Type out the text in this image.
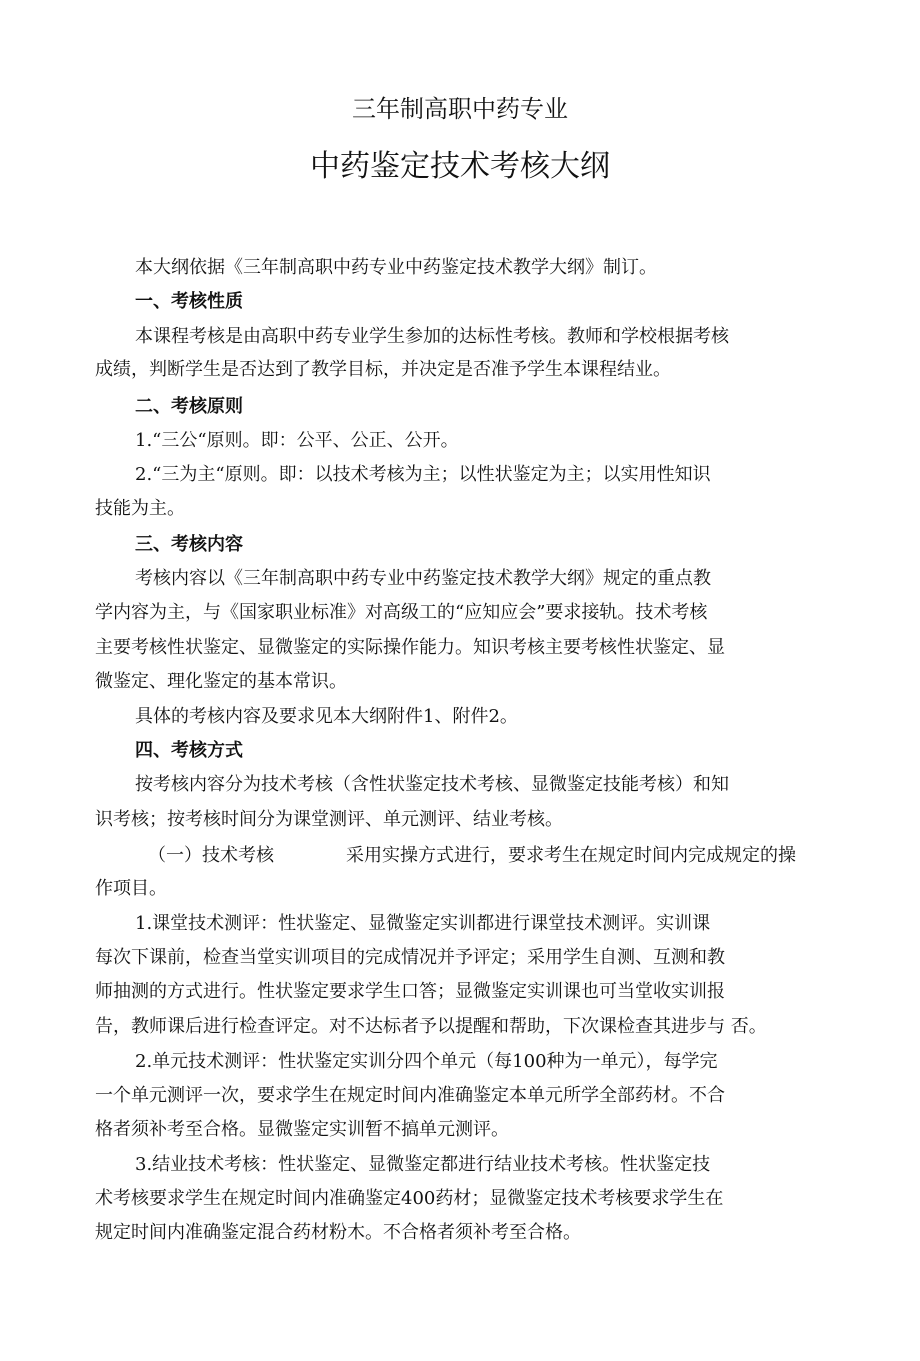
三年制高职中药专业
中药鉴定技术考核大纲
本大纲依据《三年制高职中药专业中药鉴定技术教学大纲》制订。
一、考核性质
本课程考核是由高职中药专业学生参加的达标性考核。教师和学校根据考核
成绩，判断学生是否达到了教学目标，并决定是否准予学生本课程结业。
二、考核原则
1.“三公“原则。即：公平、公正、公开。
2.“三为主“原则。即：以技术考核为主；以性状鉴定为主；以实用性知识
技能为主。
三、考核内容
考核内容以《三年制高职中药专业中药鉴定技术教学大纲》规定的重点教
学内容为主，与《国家职业标准》对高级工的“应知应会”要求接轨。技术考核
主要考核性状鉴定、显微鉴定的实际操作能力。知识考核主要考核性状鉴定、显
微鉴定、理化鉴定的基本常识。
具体的考核内容及要求见本大纲附件1、附件2。
四、考核方式
按考核内容分为技术考核（含性状鉴定技术考核、显微鉴定技能考核）和知
识考核；按考核时间分为课堂测评、单元测评、结业考核。
（一）技术考核	采用实操方式进行，要求考生在规定时间内完成规定的操
作项目。
1.课堂技术测评：性状鉴定、显微鉴定实训都进行课堂技术测评。实训课
每次下课前，检查当堂实训项目的完成情况并予评定；采用学生自测、互测和教
师抽测的方式进行。性状鉴定要求学生口答；显微鉴定实训课也可当堂收实训报
告，教师课后进行检查评定。对不达标者予以提醒和帮助，下次课检查其进步与 否。
2.单元技术测评：性状鉴定实训分四个单元（每100种为一单元），每学完
一个单元测评一次，要求学生在规定时间内准确鉴定本单元所学全部药材。不合
格者须补考至合格。显微鉴定实训暂不搞单元测评。
3.结业技术考核：性状鉴定、显微鉴定都进行结业技术考核。性状鉴定技
术考核要求学生在规定时间内准确鉴定400药材；显微鉴定技术考核要求学生在
规定时间内准确鉴定混合药材粉木。不合格者须补考至合格。
